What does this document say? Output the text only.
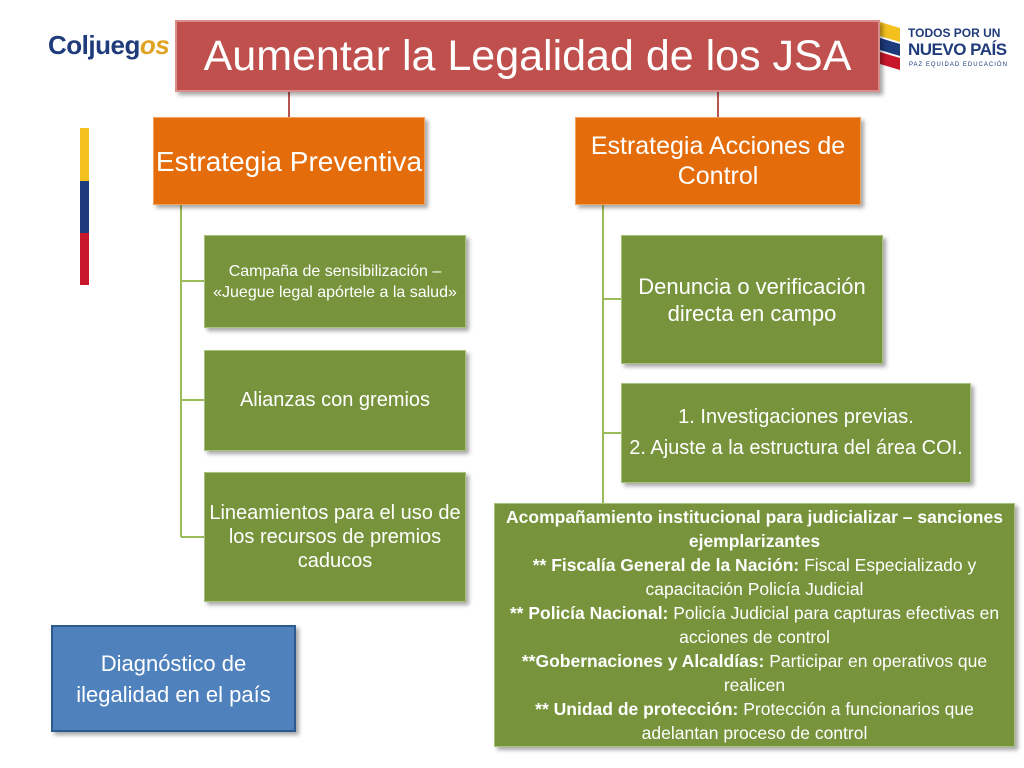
Coljuegos	TODOS POR UN
NUEVO PAÍS
PAZ EQUIDAD EDUCACIÓN
Aumentar la Legalidad de los JSA
Estrategia Preventiva
Campaña de sensibilización – «Juegue legal apórtele a la salud»
Alianzas con gremios
Lineamientos para el uso de los recursos de premios caducos
Estrategia Acciones de Control
Denuncia o verificación directa en campo

1. Investigaciones previas.

2. Ajuste a la estructura del área COI.

Acompañamiento institucional para judicializar – sanciones ejemplarizantes

** Fiscalía General de la Nación: Fiscal Especializado y capacitación Policía Judicial

** Policía Nacional: Policía Judicial para capturas efectivas en acciones de control

**Gobernaciones y Alcaldías: Participar en operativos que realicen

** Unidad de protección: Protección a funcionarios que adelantan proceso de control

Diagnóstico de ilegalidad en el país
